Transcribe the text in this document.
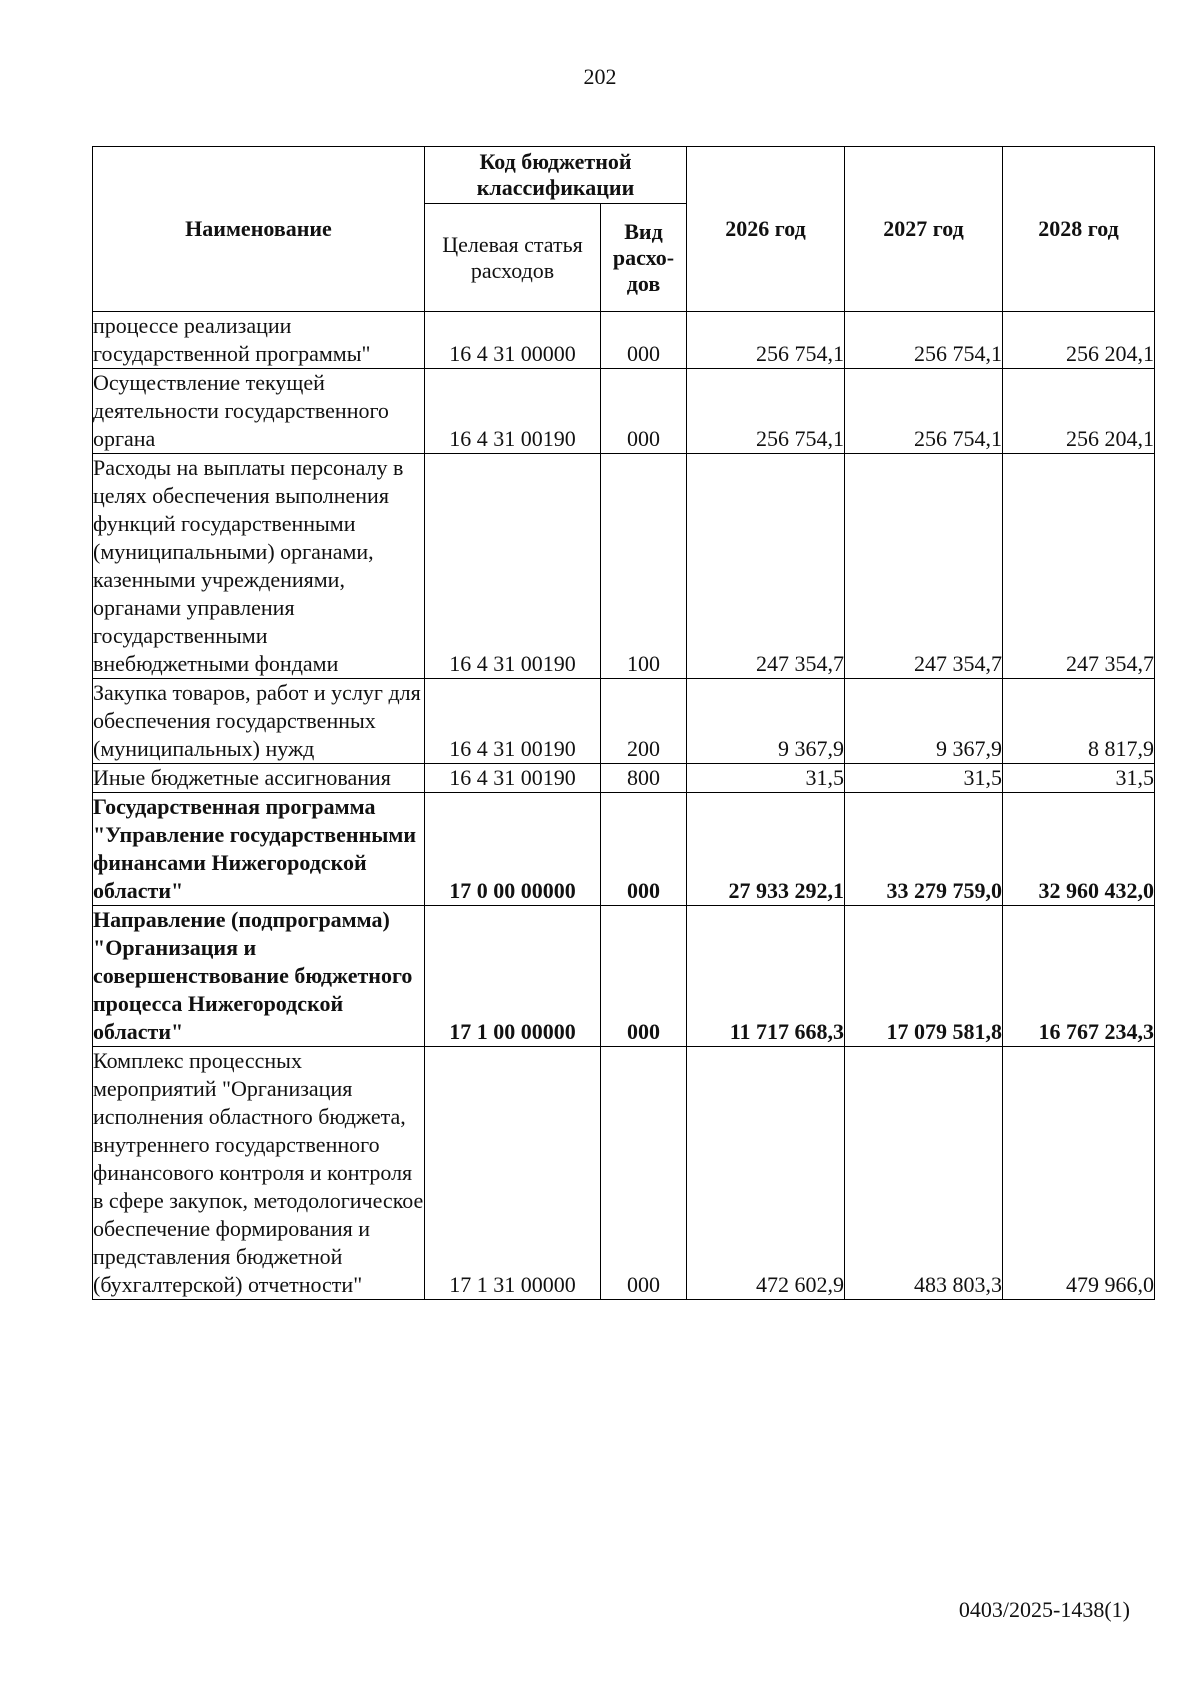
202
Наименование	Код бюджетной классификации		2026 год	2027 год	2028 год
	Целевая статья расходов	Вид расхо- дов			
процессе реализации государственной программы"	16 4 31 00000	000	256 754,1	256 754,1	256 204,1
Осуществление текущей деятельности государственного органа	16 4 31 00190	000	256 754,1	256 754,1	256 204,1
Расходы на выплаты персоналу в целях обеспечения выполнения функций государственными (муниципальными) органами, казенными учреждениями, органами управления государственными внебюджетными фондами	16 4 31 00190	100	247 354,7	247 354,7	247 354,7
Закупка товаров, работ и услуг для обеспечения государственных (муниципальных) нужд	16 4 31 00190	200	9 367,9	9 367,9	8 817,9
Иные бюджетные ассигнования	16 4 31 00190	800	31,5	31,5	31,5
Государственная программа "Управление государственными финансами Нижегородской области"	17 0 00 00000	000	27 933 292,1	33 279 759,0	32 960 432,0
Направление (подпрограмма) "Организация и совершенствование бюджетного процесса Нижегородской области"	17 1 00 00000	000	11 717 668,3	17 079 581,8	16 767 234,3
Комплекс процессных мероприятий "Организация исполнения областного бюджета, внутреннего государственного финансового контроля и контроля в сфере закупок, методологическое обеспечение формирования и представления бюджетной (бухгалтерской) отчетности"	17 1 31 00000	000	472 602,9	483 803,3	479 966,0
0403/2025-1438(1)
